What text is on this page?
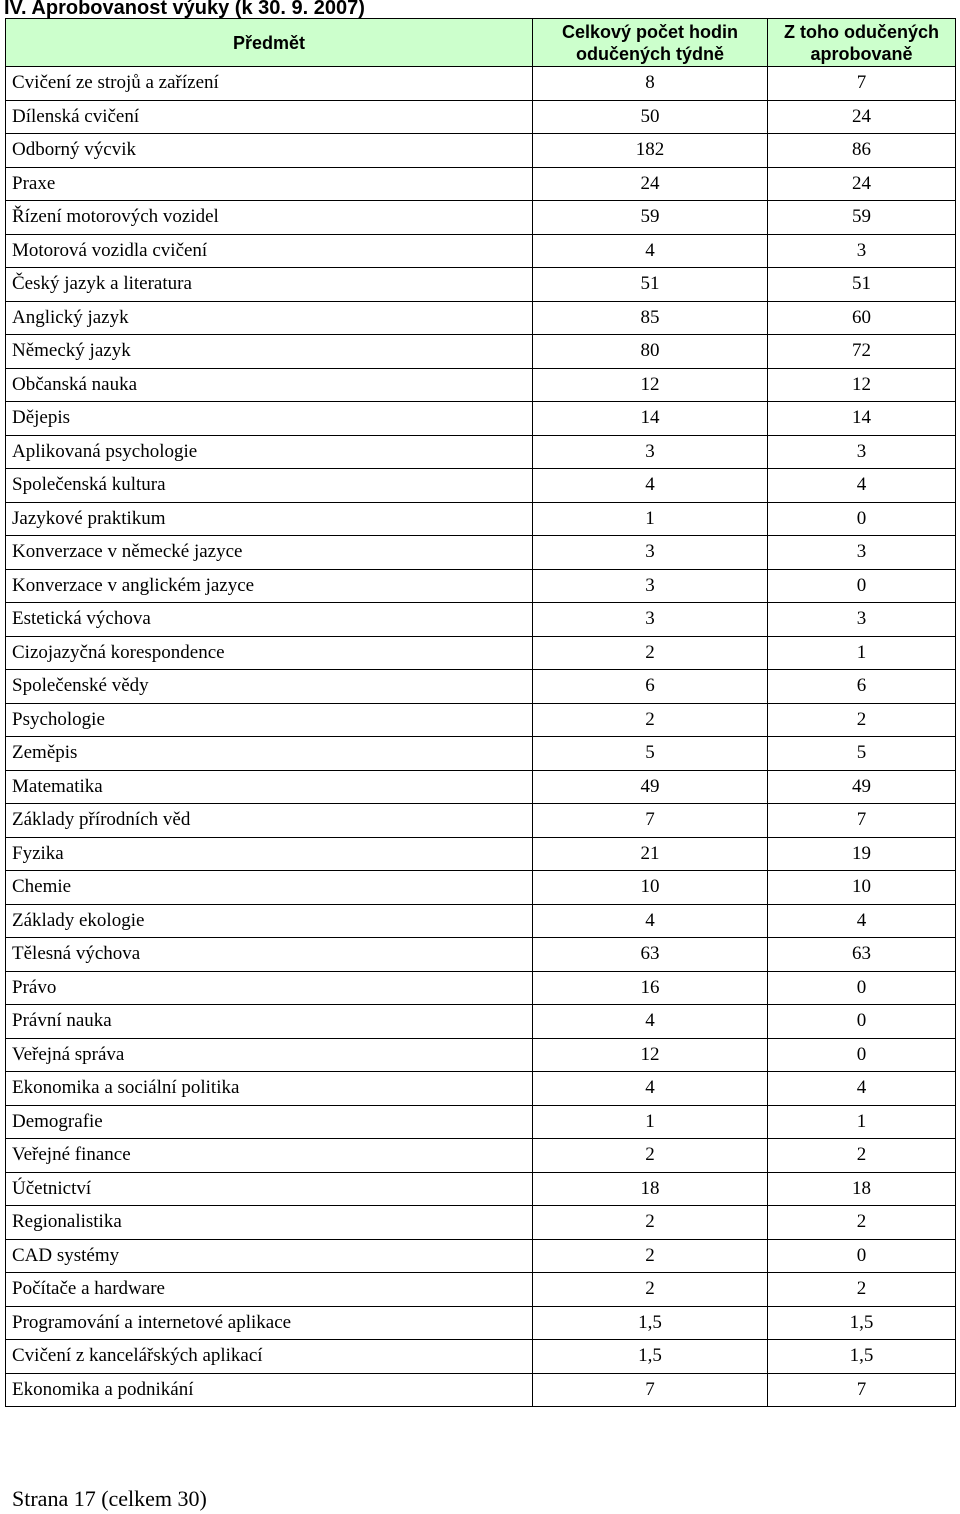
IV. Aprobovanost výuky (k 30. 9. 2007)
Předmět	Celkový počet hodin odučených týdně	Z toho odučených aprobovaně
Cvičení ze strojů a zařízení	8	7
Dílenská cvičení	50	24
Odborný výcvik	182	86
Praxe	24	24
Řízení motorových vozidel	59	59
Motorová vozidla cvičení	4	3
Český jazyk a literatura	51	51
Anglický jazyk	85	60
Německý jazyk	80	72
Občanská nauka	12	12
Dějepis	14	14
Aplikovaná psychologie	3	3
Společenská kultura	4	4
Jazykové praktikum	1	0
Konverzace v německé jazyce	3	3
Konverzace v anglickém jazyce	3	0
Estetická výchova	3	3
Cizojazyčná korespondence	2	1
Společenské vědy	6	6
Psychologie	2	2
Zeměpis	5	5
Matematika	49	49
Základy přírodních věd	7	7
Fyzika	21	19
Chemie	10	10
Základy ekologie	4	4
Tělesná výchova	63	63
Právo	16	0
Právní nauka	4	0
Veřejná správa	12	0
Ekonomika a sociální politika	4	4
Demografie	1	1
Veřejné finance	2	2
Účetnictví	18	18
Regionalistika	2	2
CAD systémy	2	0
Počítače a hardware	2	2
Programování a internetové aplikace	1,5	1,5
Cvičení z kancelářských aplikací	1,5	1,5
Ekonomika a podnikání	7	7
Strana 17 (celkem 30)
